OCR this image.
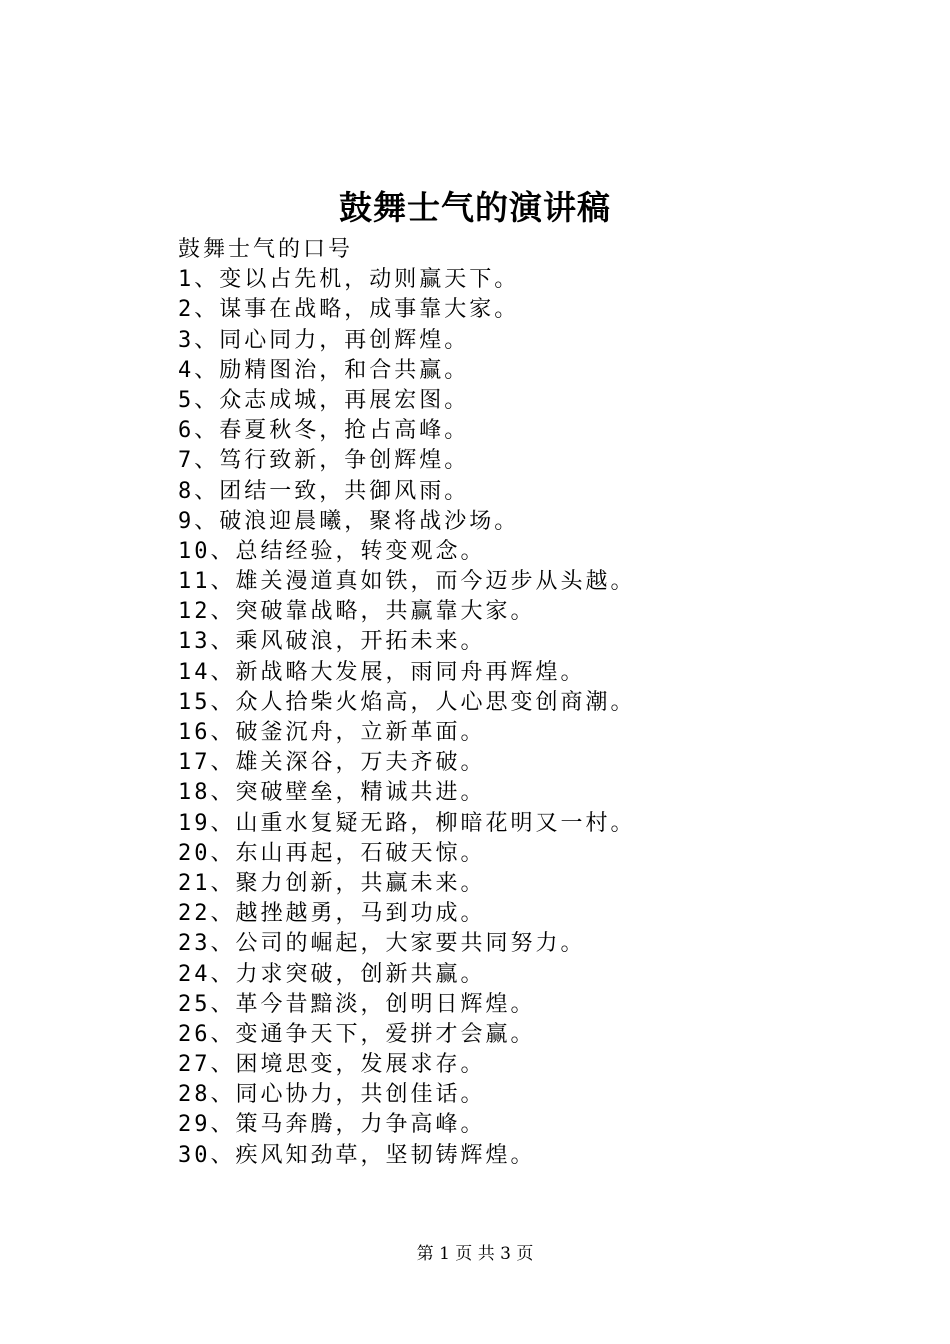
鼓舞士气的演讲稿
鼓舞士气的口号
1、变以占先机，动则赢天下。
2、谋事在战略，成事靠大家。
3、同心同力，再创辉煌。
4、励精图治，和合共赢。
5、众志成城，再展宏图。
6、春夏秋冬，抢占高峰。
7、笃行致新，争创辉煌。
8、团结一致，共御风雨。
9、破浪迎晨曦，聚将战沙场。
10、总结经验，转变观念。
11、雄关漫道真如铁，而今迈步从头越。
12、突破靠战略，共赢靠大家。
13、乘风破浪，开拓未来。
14、新战略大发展，雨同舟再辉煌。
15、众人拾柴火焰高，人心思变创商潮。
16、破釜沉舟，立新革面。
17、雄关深谷，万夫齐破。
18、突破壁垒，精诚共进。
19、山重水复疑无路，柳暗花明又一村。
20、东山再起，石破天惊。
21、聚力创新，共赢未来。
22、越挫越勇，马到功成。
23、公司的崛起，大家要共同努力。
24、力求突破，创新共赢。
25、革今昔黯淡，创明日辉煌。
26、变通争天下，爱拼才会赢。
27、困境思变，发展求存。
28、同心协力，共创佳话。
29、策马奔腾，力争高峰。
30、疾风知劲草，坚韧铸辉煌。
第 1 页 共 3 页
